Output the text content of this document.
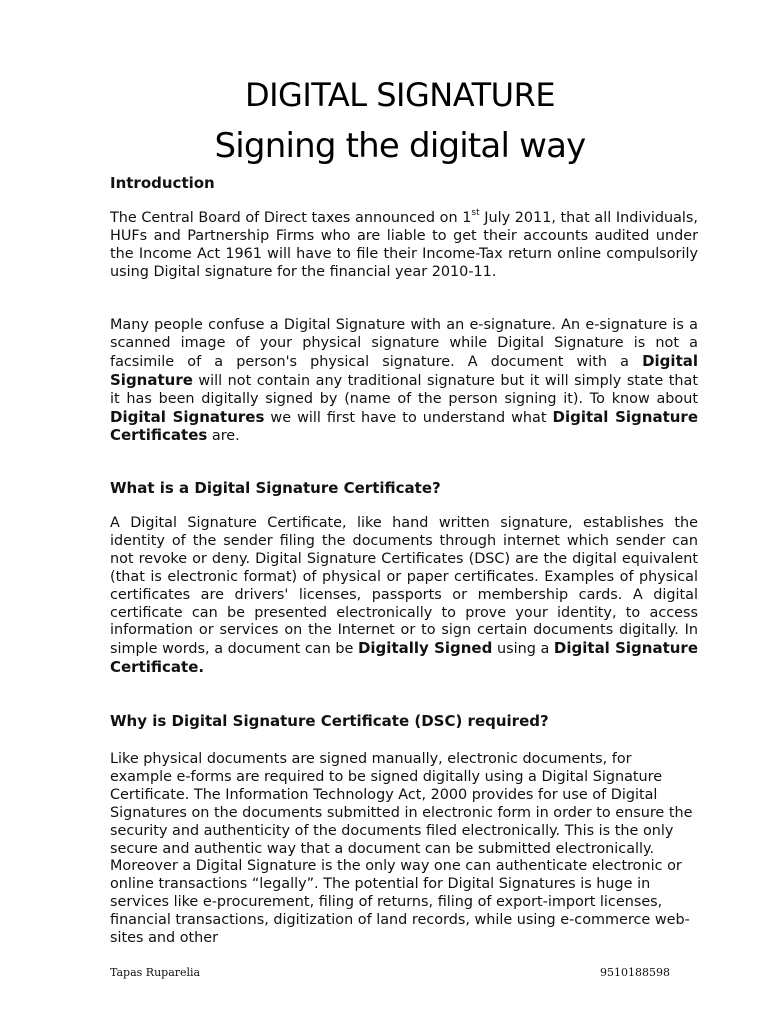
DIGITAL SIGNATURE
Signing the digital way
Introduction

The Central Board of Direct taxes announced on 1st July 2011, that all Individuals, HUFs and Partnership Firms who are liable to get their accounts audited under the Income Act 1961 will have to file their Income-Tax return online compulsorily using Digital signature for the financial year 2010-11.

Many people confuse a Digital Signature with an e-signature. An e-signature is a scanned image of your physical signature while Digital Signature is not a facsimile of a person's physical signature. A document with a Digital Signature will not contain any traditional signature but it will simply state that it has been digitally signed by (name of the person signing it). To know about Digital Signatures we will first have to understand what Digital Signature Certificates are.

What is a Digital Signature Certificate?

A Digital Signature Certificate, like hand written signature, establishes the identity of the sender filing the documents through internet which sender can not revoke or deny. Digital Signature Certificates (DSC) are the digital equivalent (that is electronic format) of physical or paper certificates. Examples of physical certificates are drivers' licenses, passports or membership cards. A digital certificate can be presented electronically to prove your identity, to access information or services on the Internet or to sign certain documents digitally. In simple words, a document can be Digitally Signed using a Digital Signature Certificate.

Why is Digital Signature Certificate (DSC) required?

Like physical documents are signed manually, electronic documents, for example e-forms are required to be signed digitally using a Digital Signature Certificate. The Information Technology Act, 2000 provides for use of Digital Signatures on the documents submitted in electronic form in order to ensure the security and authenticity of the documents filed electronically. This is the only secure and authentic way that a document can be submitted electronically. Moreover a Digital Signature is the only way one can authenticate electronic or online transactions “legally”. The potential for Digital Signatures is huge in services like e-procurement, filing of returns, filing of export-import licenses, financial transactions, digitization of land records, while using e-commerce web-sites and other

Tapas Ruparelia	9510188598
